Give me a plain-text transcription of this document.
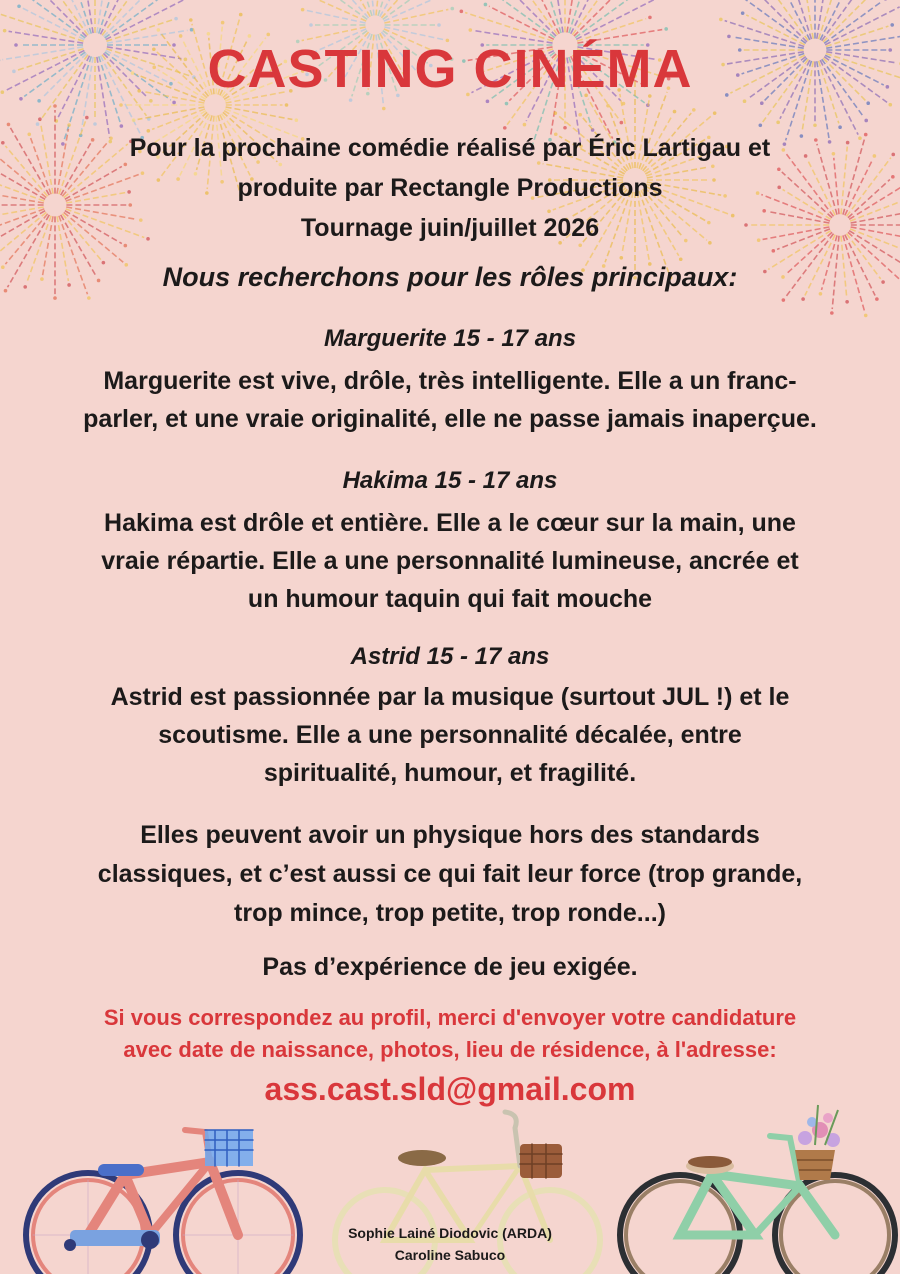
CASTING CINÉMA
Pour la prochaine comédie réalisé par Éric Lartigau et
produite par Rectangle Productions
Tournage juin/juillet 2026
Nous recherchons pour les rôles principaux:
Marguerite 15 - 17 ans
Marguerite est vive, drôle, très intelligente. Elle a un franc-
parler, et une vraie originalité, elle ne passe jamais inaperçue.
Hakima 15 - 17 ans
Hakima est drôle et entière. Elle a le cœur sur la main, une
vraie répartie. Elle a une personnalité lumineuse, ancrée et
un humour taquin qui fait mouche
Astrid 15 - 17 ans
Astrid est passionnée par la musique (surtout JUL !) et le
scoutisme. Elle a une personnalité décalée, entre
spiritualité, humour, et fragilité.
Elles peuvent avoir un physique hors des standards
classiques, et c’est aussi ce qui fait leur force (trop grande,
trop mince, trop petite, trop ronde...)
Pas d’expérience de jeu exigée.
Si vous correspondez au profil, merci d'envoyer votre candidature
avec date de naissance, photos, lieu de résidence, à l'adresse:
ass.cast.sld@gmail.com
Sophie Lainé Diodovic (ARDA)
Caroline Sabuco
